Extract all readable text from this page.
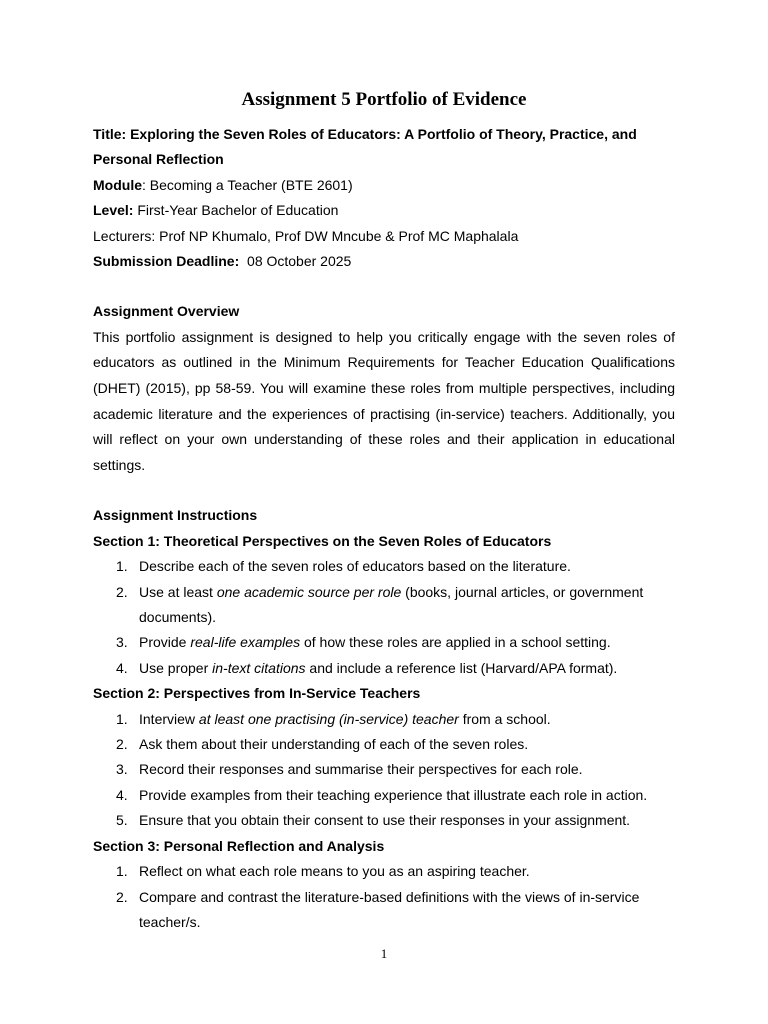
Assignment 5 Portfolio of Evidence

Title: Exploring the Seven Roles of Educators: A Portfolio of Theory, Practice, and Personal Reflection

Module: Becoming a Teacher (BTE 2601)

Level: First-Year Bachelor of Education

Lecturers: Prof NP Khumalo, Prof DW Mncube & Prof MC Maphalala

Submission Deadline:  08 October 2025

Assignment Overview

This portfolio assignment is designed to help you critically engage with the seven roles of educators as outlined in the Minimum Requirements for Teacher Education Qualifications (DHET) (2015), pp 58-59. You will examine these roles from multiple perspectives, including academic literature and the experiences of practising (in-service) teachers. Additionally, you will reflect on your own understanding of these roles and their application in educational settings.

Assignment Instructions

Section 1: Theoretical Perspectives on the Seven Roles of Educators

1. Describe each of the seven roles of educators based on the literature.
2. Use at least one academic source per role (books, journal articles, or government documents).
3. Provide real-life examples of how these roles are applied in a school setting.
4. Use proper in-text citations and include a reference list (Harvard/APA format).

Section 2: Perspectives from In-Service Teachers

1. Interview at least one practising (in-service) teacher from a school.
2. Ask them about their understanding of each of the seven roles.
3. Record their responses and summarise their perspectives for each role.
4. Provide examples from their teaching experience that illustrate each role in action.
5. Ensure that you obtain their consent to use their responses in your assignment.

Section 3: Personal Reflection and Analysis

1. Reflect on what each role means to you as an aspiring teacher.
2. Compare and contrast the literature-based definitions with the views of in-service teacher/s.
1
